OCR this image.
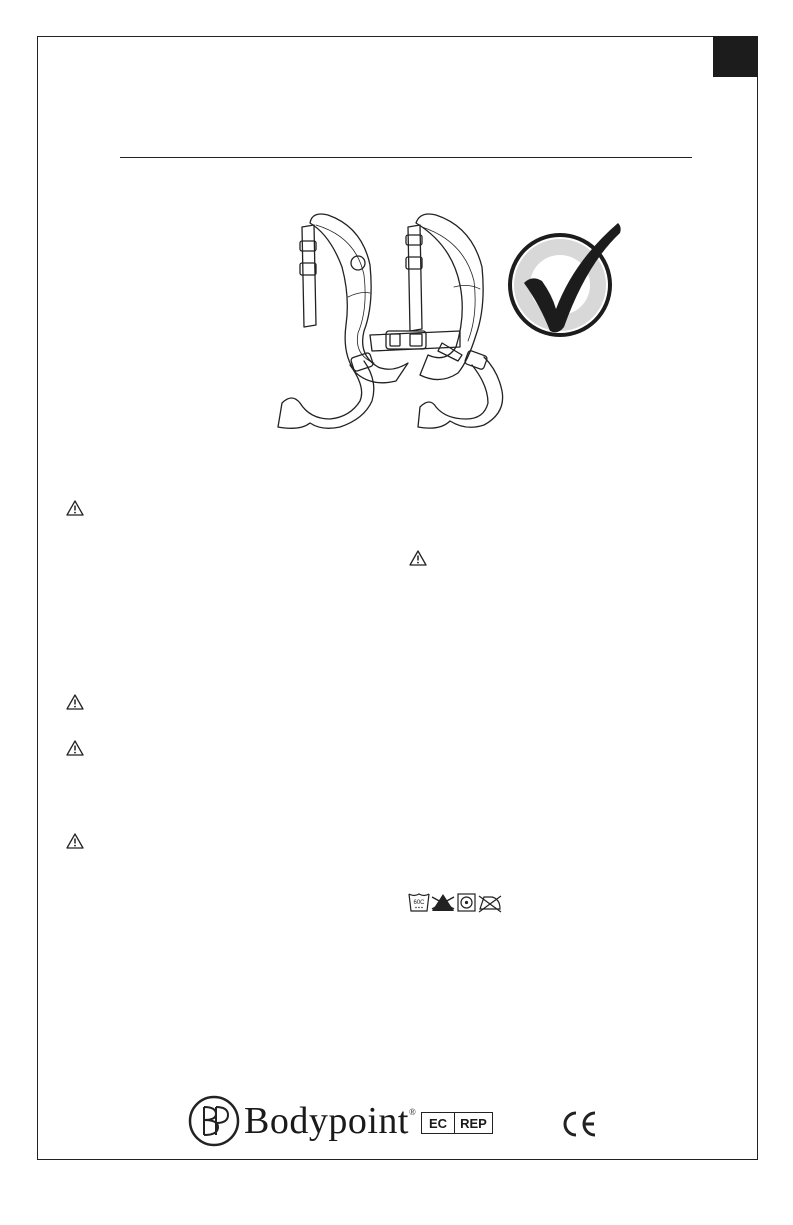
60C
Bodypoint®
EC	REP
